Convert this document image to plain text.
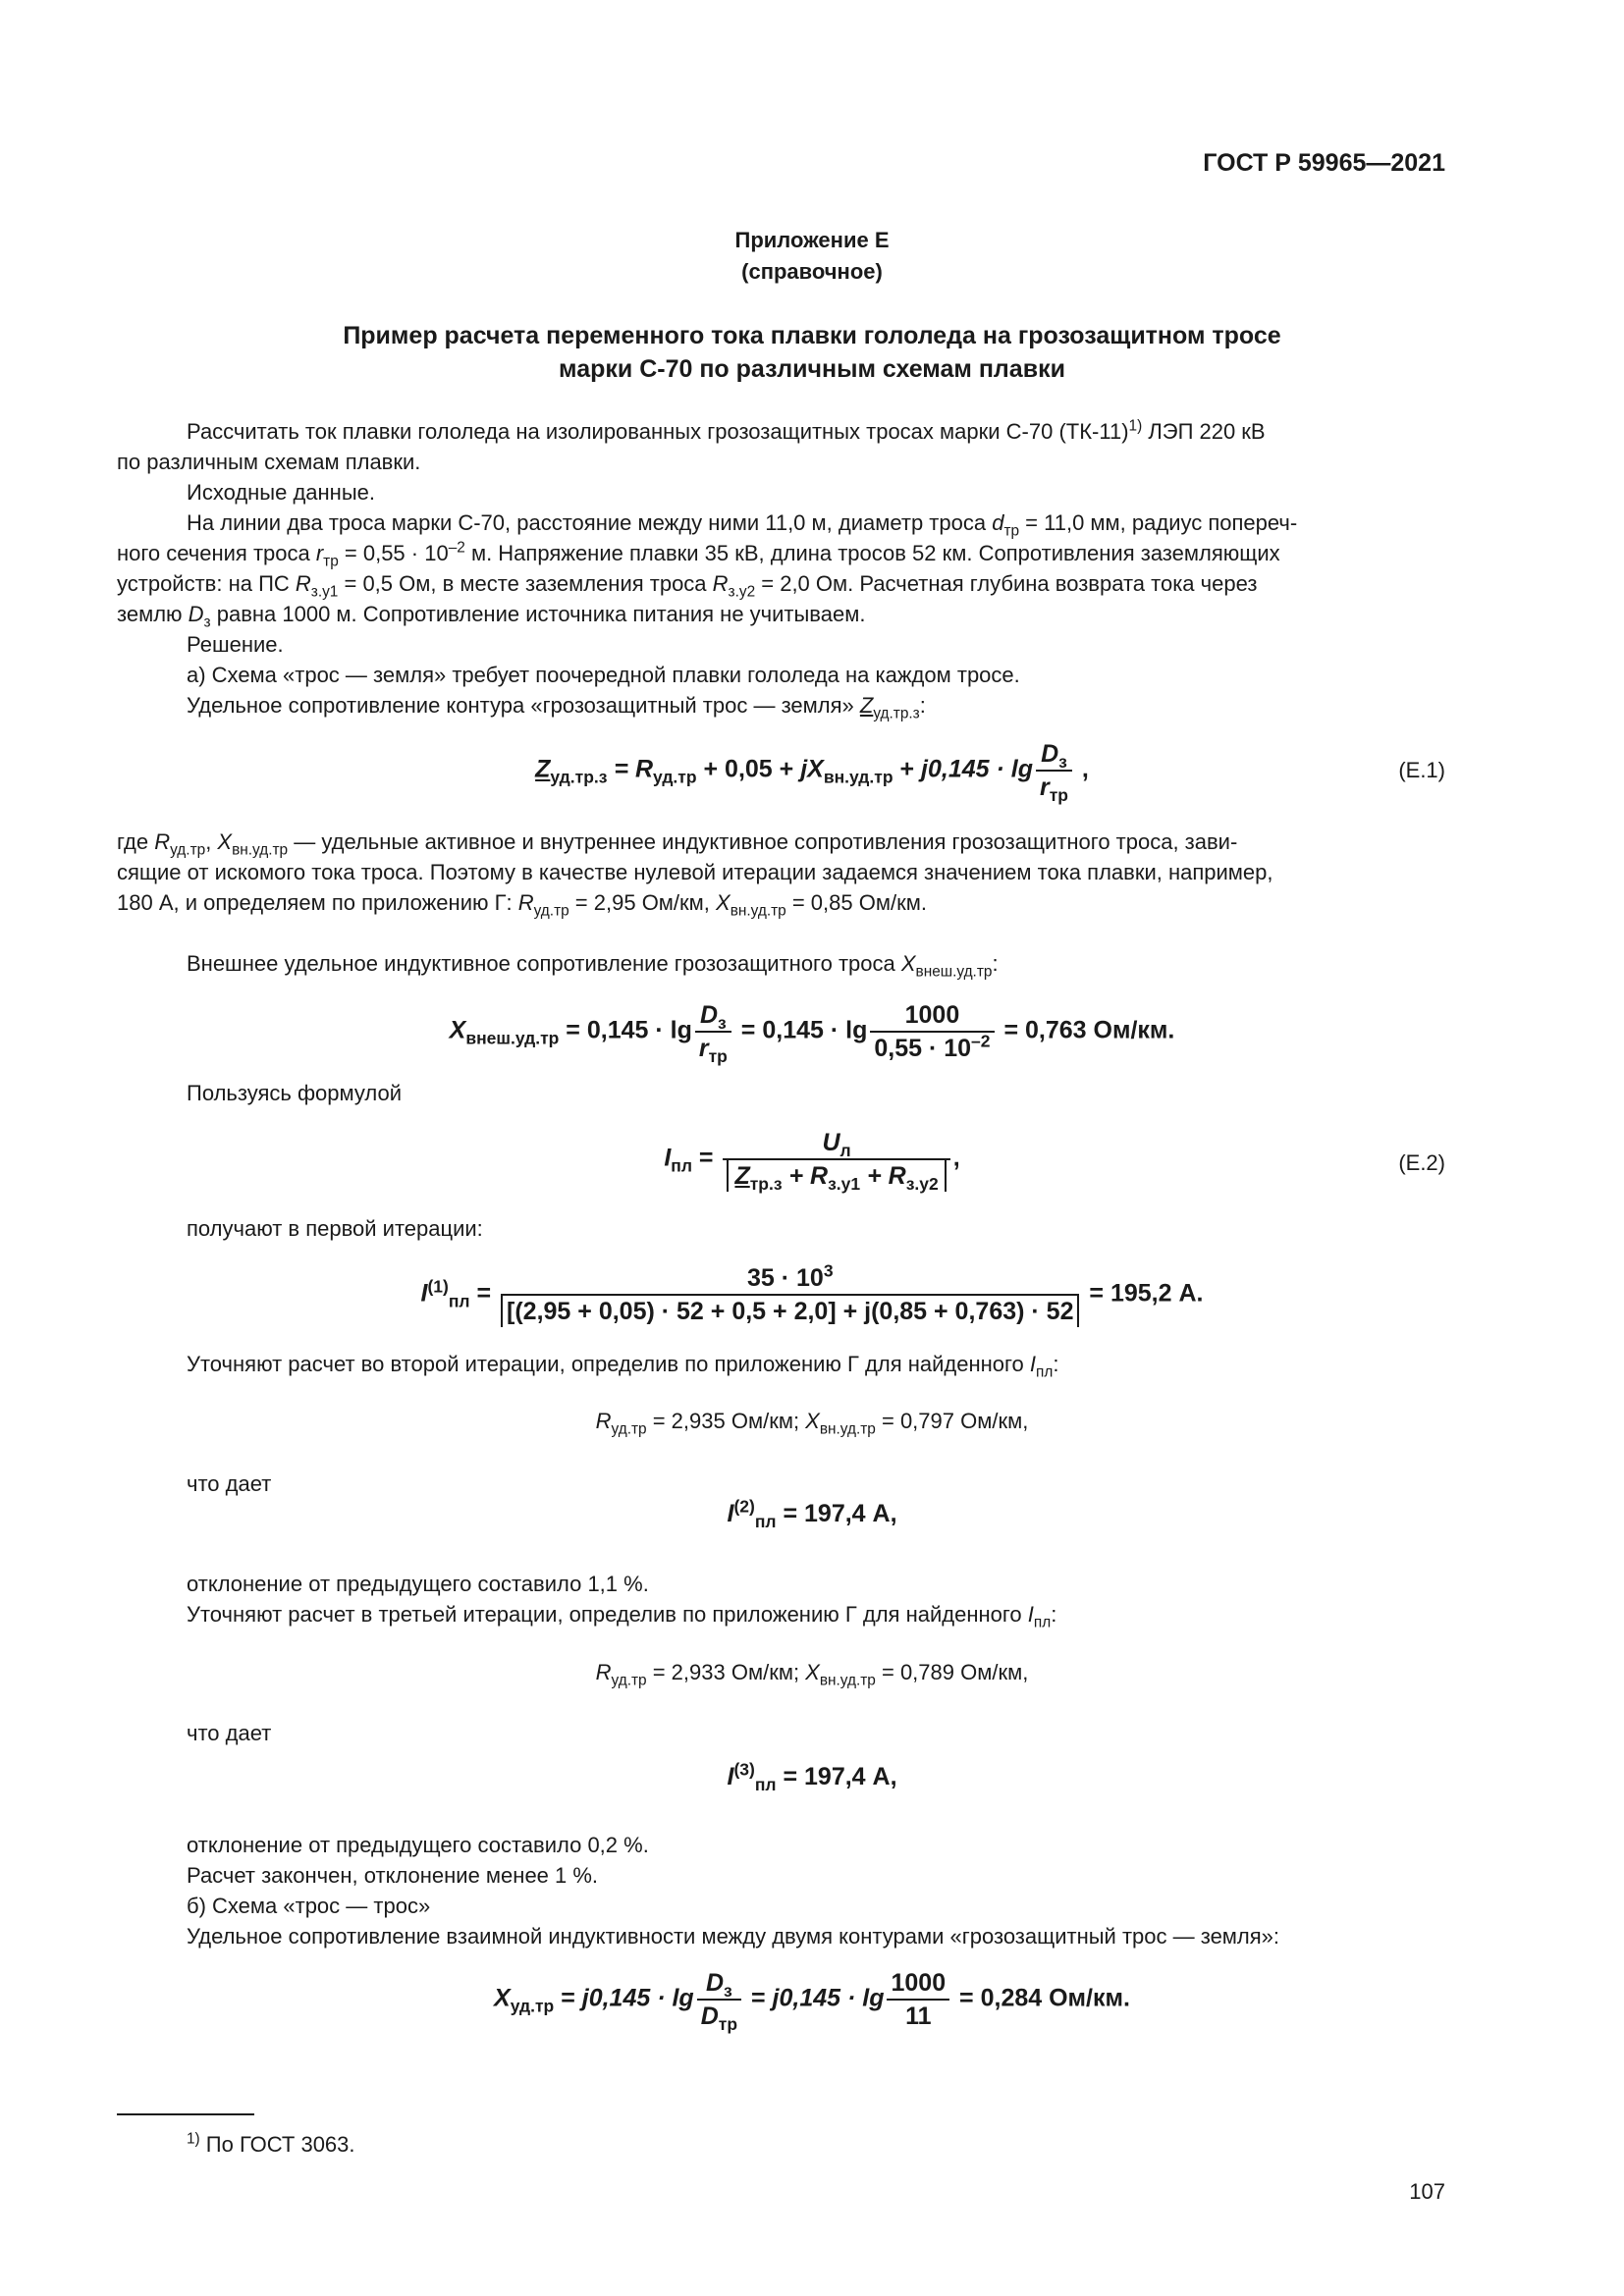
ГОСТ Р 59965—2021
Приложение Е
(справочное)
Пример расчета переменного тока плавки гололеда на грозозащитном тросе
марки С-70 по различным схемам плавки
Рассчитать ток плавки гололеда на изолированных грозозащитных тросах марки С-70 $(ТК-11)^{1)}$ ЛЭП 220 кВ
по различным схемам плавки.
Исходные данные.
На линии два троса марки С-70, расстояние между ними 11,0 м, диаметр троса $d_{тр} = 11,0$ мм, радиус попереч-
ного сечения троса $r_{тр} = 0,55 \cdot 10^{-2}$ м. Напряжение плавки 35 кВ, длина тросов 52 км. Сопротивления заземляющих
устройств: на ПС $R_{з.у1} = 0,5$ Ом, в месте заземления троса $R_{з.у2} = 2,0$ Ом. Расчетная глубина возврата тока через
землю $D_з$ равна 1000 м. Сопротивление источника питания не учитываем.
Решение.
а) Схема «трос — земля» требует поочередной плавки гололеда на каждом тросе.
Удельное сопротивление контура «грозозащитный трос — земля» $Z_{уд.тр.з}$:
$Z_{уд.тр.з} = R_{уд.тр} + 0,05 + jX_{вн.уд.тр} + j0,145 \cdot \lg \frac{D_з}{r_{тр}}$ ,	(Е.1)
где $R_{уд.тр}$, $X_{вн.уд.тр}$ — удельные активное и внутреннее индуктивное сопротивления грозозащитного троса, зави-
сящие от искомого тока троса. Поэтому в качестве нулевой итерации задаемся значением тока плавки, например,
180 А, и определяем по приложению Г: $R_{уд.тр} = 2,95$ Ом/км, $X_{вн.уд.тр} = 0,85$ Ом/км.
Внешнее удельное индуктивное сопротивление грозозащитного троса $X_{внеш.уд.тр}$:
$X_{внеш.уд.тр} = 0,145 \cdot \lg \frac{D_з}{r_{тр}} = 0,145 \cdot \lg \frac{1000}{0,55 \cdot 10^{-2}} = 0,763$ Ом/км.
Пользуясь формулой
$I_{пл} = \frac{U_л}{Z_{тр.з} + R_{з.у1} + R_{з.у2}}$ ,	(Е.2)
получают в первой итерации:
$I^{(1)}_{пл} = \frac{35 \cdot 10^3}{[(2,95 + 0,05) \cdot 52 + 0,5 + 2,0] + j(0,85 + 0,763) \cdot 52} = 195,2$ А.
Уточняют расчет во второй итерации, определив по приложению Г для найденного $I_{пл}$:
$R_{уд.тр} = 2,935$ Ом/км; $X_{вн.уд.тр} = 0,797$ Ом/км,
что дает
$I^{(2)}_{пл} = 197,4$ А,
отклонение от предыдущего составило 1,1 %.
Уточняют расчет в третьей итерации, определив по приложению Г для найденного $I_{пл}$:
$R_{уд.тр} = 2,933$ Ом/км; $X_{вн.уд.тр} = 0,789$ Ом/км,
что дает
$I^{(3)}_{пл} = 197,4$ А,
отклонение от предыдущего составило 0,2 %.
Расчет закончен, отклонение менее 1 %.
б) Схема «трос — трос»
Удельное сопротивление взаимной индуктивности между двумя контурами «грозозащитный трос — земля»:
$X_{уд.тр} = j0,145 \cdot \lg \frac{D_з}{D_{тр}} = j0,145 \cdot \lg \frac{1000}{11} = 0,284$ Ом/км.
$^{1)}$ По ГОСТ 3063.
107
